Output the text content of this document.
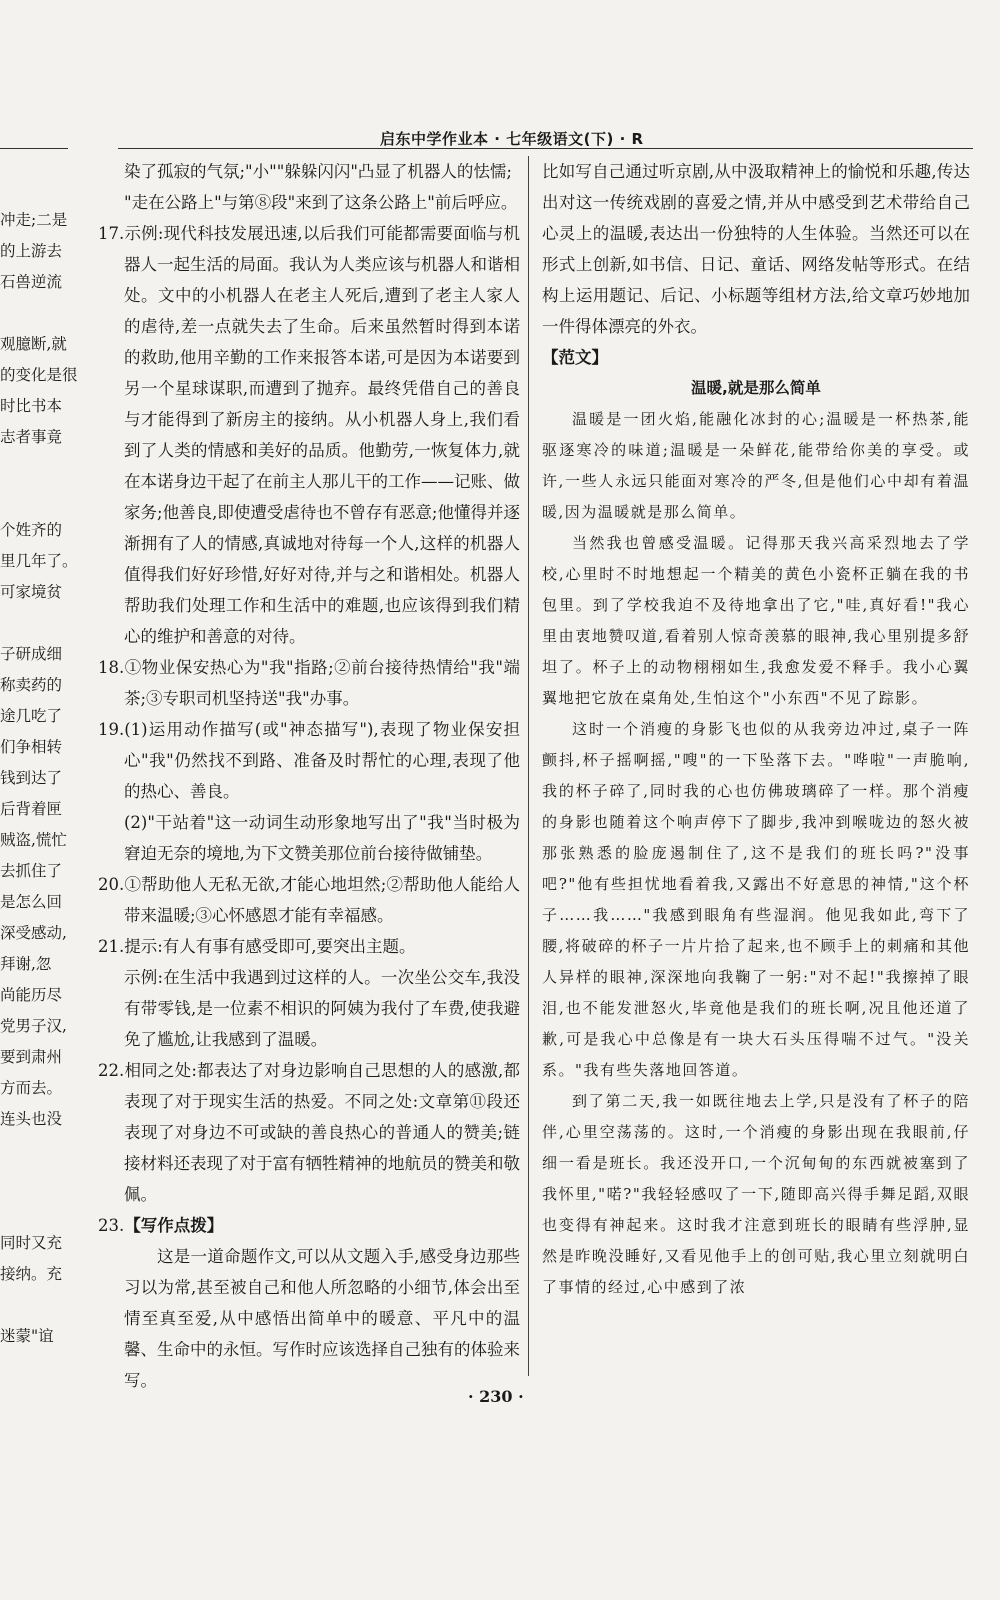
启东中学作业本 · 七年级语文(下) · R

冲走;二是

的上游去

石兽逆流

观臆断,就

的变化是很

时比书本

志者事竟

个姓齐的

里几年了。

可家境贫

子研成细

称卖药的

途几吃了

们争相转

钱到达了

后背着匣

贼盗,慌忙

去抓住了

是怎么回

深受感动,

拜谢,忽

尚能历尽

党男子汉,

要到肃州

方而去。

连头也没

同时又充

接纳。充

迷蒙"谊

染了孤寂的气氛;"小""躲躲闪闪"凸显了机器人的怯懦;

"走在公路上"与第⑧段"来到了这条公路上"前后呼应。

17.示例:现代科技发展迅速,以后我们可能都需要面临与机器人一起生活的局面。我认为人类应该与机器人和谐相处。文中的小机器人在老主人死后,遭到了老主人家人的虐待,差一点就失去了生命。后来虽然暂时得到本诺的救助,他用辛勤的工作来报答本诺,可是因为本诺要到另一个星球谋职,而遭到了抛弃。最终凭借自己的善良与才能得到了新房主的接纳。从小机器人身上,我们看到了人类的情感和美好的品质。他勤劳,一恢复体力,就在本诺身边干起了在前主人那儿干的工作——记账、做家务;他善良,即使遭受虐待也不曾存有恶意;他懂得并逐渐拥有了人的情感,真诚地对待每一个人,这样的机器人值得我们好好珍惜,好好对待,并与之和谐相处。机器人帮助我们处理工作和生活中的难题,也应该得到我们精心的维护和善意的对待。

18.①物业保安热心为"我"指路;②前台接待热情给"我"端茶;③专职司机坚持送"我"办事。

19.(1)运用动作描写(或"神态描写"),表现了物业保安担心"我"仍然找不到路、准备及时帮忙的心理,表现了他的热心、善良。

(2)"干站着"这一动词生动形象地写出了"我"当时极为窘迫无奈的境地,为下文赞美那位前台接待做铺垫。

20.①帮助他人无私无欲,才能心地坦然;②帮助他人能给人带来温暖;③心怀感恩才能有幸福感。

21.提示:有人有事有感受即可,要突出主题。

示例:在生活中我遇到过这样的人。一次坐公交车,我没有带零钱,是一位素不相识的阿姨为我付了车费,使我避免了尴尬,让我感到了温暖。

22.相同之处:都表达了对身边影响自己思想的人的感激,都表现了对于现实生活的热爱。不同之处:文章第⑪段还表现了对身边不可或缺的善良热心的普通人的赞美;链接材料还表现了对于富有牺牲精神的地航员的赞美和敬佩。

23.【写作点拨】

这是一道命题作文,可以从文题入手,感受身边那些习以为常,甚至被自己和他人所忽略的小细节,体会出至情至真至爱,从中感悟出简单中的暖意、平凡中的温馨、生命中的永恒。写作时应该选择自己独有的体验来写。

比如写自己通过听京剧,从中汲取精神上的愉悦和乐趣,传达出对这一传统戏剧的喜爱之情,并从中感受到艺术带给自己心灵上的温暖,表达出一份独特的人生体验。当然还可以在形式上创新,如书信、日记、童话、网络发帖等形式。在结构上运用题记、后记、小标题等组材方法,给文章巧妙地加一件得体漂亮的外衣。

【范文】

温暖,就是那么简单

温暖是一团火焰,能融化冰封的心;温暖是一杯热茶,能驱逐寒冷的味道;温暖是一朵鲜花,能带给你美的享受。或许,一些人永远只能面对寒冷的严冬,但是他们心中却有着温暖,因为温暖就是那么简单。

当然我也曾感受温暖。记得那天我兴高采烈地去了学校,心里时不时地想起一个精美的黄色小瓷杯正躺在我的书包里。到了学校我迫不及待地拿出了它,"哇,真好看!"我心里由衷地赞叹道,看着别人惊奇羡慕的眼神,我心里别提多舒坦了。杯子上的动物栩栩如生,我愈发爱不释手。我小心翼翼地把它放在桌角处,生怕这个"小东西"不见了踪影。

这时一个消瘦的身影飞也似的从我旁边冲过,桌子一阵颤抖,杯子摇啊摇,"嗖"的一下坠落下去。"哗啦"一声脆响,我的杯子碎了,同时我的心也仿佛玻璃碎了一样。那个消瘦的身影也随着这个响声停下了脚步,我冲到喉咙边的怒火被那张熟悉的脸庞遏制住了,这不是我们的班长吗?"没事吧?"他有些担忧地看着我,又露出不好意思的神情,"这个杯子……我……"我感到眼角有些湿润。他见我如此,弯下了腰,将破碎的杯子一片片拾了起来,也不顾手上的刺痛和其他人异样的眼神,深深地向我鞠了一躬:"对不起!"我擦掉了眼泪,也不能发泄怒火,毕竟他是我们的班长啊,况且他还道了歉,可是我心中总像是有一块大石头压得喘不过气。"没关系。"我有些失落地回答道。

到了第二天,我一如既往地去上学,只是没有了杯子的陪伴,心里空荡荡的。这时,一个消瘦的身影出现在我眼前,仔细一看是班长。我还没开口,一个沉甸甸的东西就被塞到了我怀里,"喏?"我轻轻感叹了一下,随即高兴得手舞足蹈,双眼也变得有神起来。这时我才注意到班长的眼睛有些浮肿,显然是昨晚没睡好,又看见他手上的创可贴,我心里立刻就明白了事情的经过,心中感到了浓

· 230 ·
